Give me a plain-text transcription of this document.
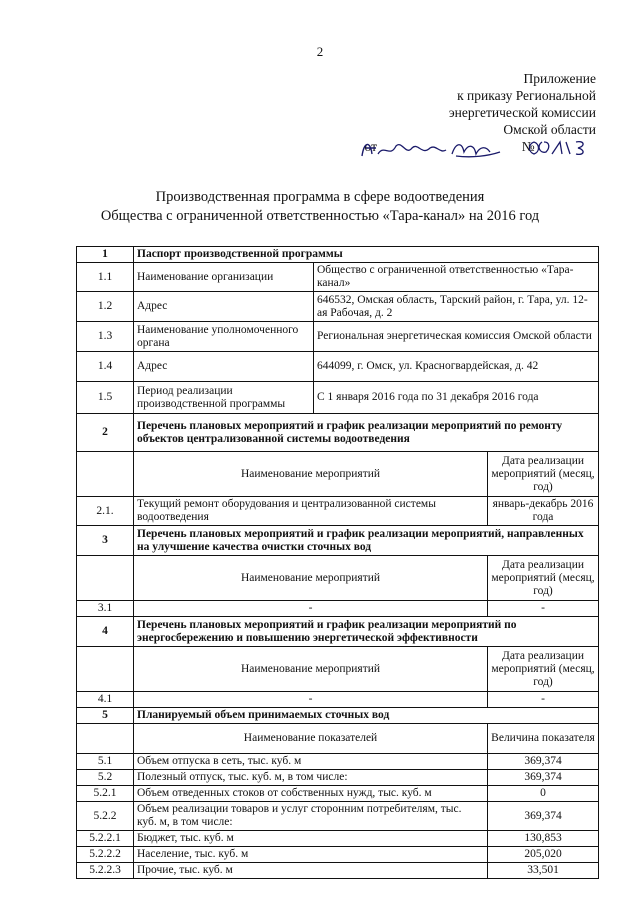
2
Приложение
к приказу Региональной
энергетической комиссии
Омской области
от	№
Производственная программа в сфере водоотведения
Общества с ограниченной ответственностью «Тара-канал» на 2016 год
1	Паспорт производственной программы		
1.1	Наименование организации	Общество с ограниченной ответственностью «Тара-канал»	
1.2	Адрес	646532, Омская область, Тарский район, г. Тара, ул. 12-ая Рабочая, д. 2	
1.3	Наименование уполномоченного органа	Региональная энергетическая комиссия Омской области	
1.4	Адрес	644099, г. Омск, ул. Красногвардейская, д. 42	
1.5	Период реализации производственной программы	С 1 января 2016 года по 31 декабря 2016 года	
2	Перечень плановых мероприятий и график реализации мероприятий по ремонту объектов централизованной системы водоотведения		
	Наименование мероприятий		Дата реализации мероприятий (месяц, год)
2.1.	Текущий ремонт оборудования и централизованной системы водоотведения		январь-декабрь 2016 года
3	Перечень плановых мероприятий и график реализации мероприятий, направленных на улучшение качества очистки сточных вод		
	Наименование мероприятий		Дата реализации мероприятий (месяц, год)
3.1	-		-
4	Перечень плановых мероприятий и график реализации мероприятий по энергосбережению и повышению энергетической эффективности		
	Наименование мероприятий		Дата реализации мероприятий (месяц, год)
4.1	-		-
5	Планируемый объем принимаемых сточных вод		
	Наименование показателей		Величина показателя
5.1	Объем отпуска в сеть, тыс. куб. м		369,374
5.2	Полезный отпуск, тыс. куб. м, в том числе:		369,374
5.2.1	Объем отведенных стоков от собственных нужд, тыс. куб. м		0
5.2.2	Объем реализации товаров и услуг сторонним потребителям, тыс. куб. м, в том числе:		369,374
5.2.2.1	Бюджет, тыс. куб. м		130,853
5.2.2.2	Население, тыс. куб. м		205,020
5.2.2.3	Прочие, тыс. куб. м		33,501
